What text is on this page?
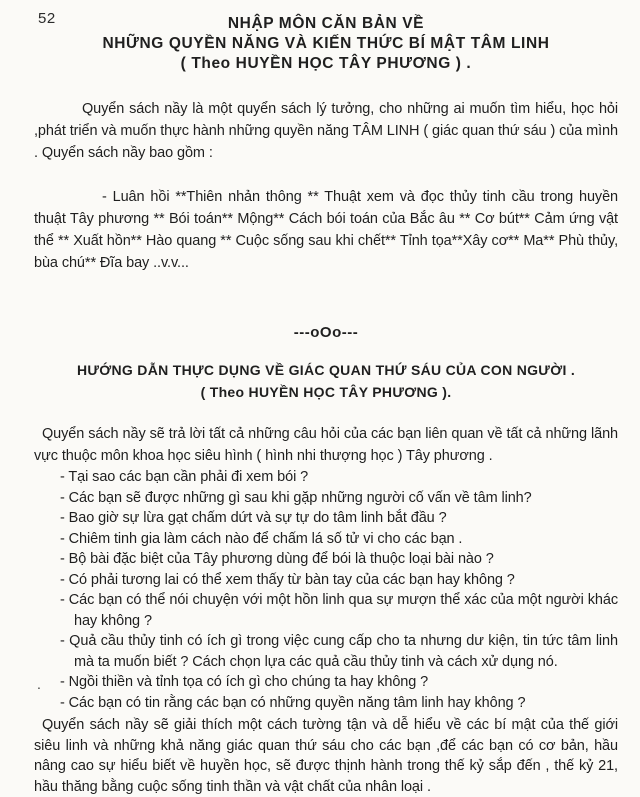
52	NHẬP MÔN CĂN BẢN VỀ
NHỮNG QUYỀN NĂNG VÀ KIẾN THỨC BÍ MẬT TÂM LINH
( Theo HUYỀN HỌC TÂY PHƯƠNG ) .

Quyển sách nầy là một quyển sách lý tưởng, cho những ai muốn tìm hiểu, học hỏi ,phát triển và muốn thực hành những quyền năng TÂM LINH ( giác quan thứ sáu ) của mình . Quyển sách nầy bao gồm :

- Luân hồi **Thiên nhản thông ** Thuật xem và đọc thủy tinh cầu trong huyền thuật Tây phương ** Bói toán** Mộng** Cách bói toán của Bắc âu ** Cơ bút** Cảm ứng vật thể ** Xuất hồn** Hào quang ** Cuộc sống sau khi chết** Tỉnh tọa**Xây cơ** Ma** Phù thủy, bùa chú** Đĩa bay ..v.v...

---oOo---
HƯỚNG DẪN THỰC DỤNG VỀ GIÁC QUAN THỨ SÁU CỦA CON NGƯỜI .
( Theo HUYỀN HỌC TÂY PHƯƠNG ).

Quyển sách nầy sẽ trả lời tất cả những câu hỏi của các bạn liên quan về tất cả những lãnh vực thuộc môn khoa học siêu hình ( hình nhi thượng học ) Tây phương .

- Tại sao các bạn cần phải đi xem bói ?
- Các bạn sẽ được những gì sau khi gặp những người cố vấn về tâm linh?
- Bao giờ sự lừa gạt chấm dứt và sự tự do tâm linh bắt đầu ?
- Chiêm tinh gia làm cách nào để chấm lá số tử vi cho các bạn .
- Bộ bài đặc biệt của Tây phương dùng để bói là thuộc loại bài nào ?
- Có phải tương lai có thể xem thấy từ bàn tay của các bạn hay không ?
- Các bạn có thể nói chuyện với một hồn linh qua sự mượn thể xác của một người khác hay không ?
- Quả cầu thủy tinh có ích gì trong việc cung cấp cho ta nhưng dư kiện, tin tức tâm linh mà ta muốn biết ? Cách chọn lựa các quả cầu thủy tinh và cách xử dụng nó.
- Ngồi thiền và tỉnh tọa có ích gì cho chúng ta hay không ?
- Các bạn có tin rằng các bạn có những quyền năng tâm linh hay không ?
.

Quyển sách nầy sẽ giải thích một cách tường tận và dễ hiểu về các bí mật của thế giới siêu linh và những khả năng giác quan thứ sáu cho các bạn ,để các bạn có cơ bản, hầu nâng cao sự hiểu biết về huyền học, sẽ được thịnh hành trong thế kỷ sắp đến , thế kỷ 21, hầu thăng bằng cuộc sống tinh thần và vật chất của nhân loại .
